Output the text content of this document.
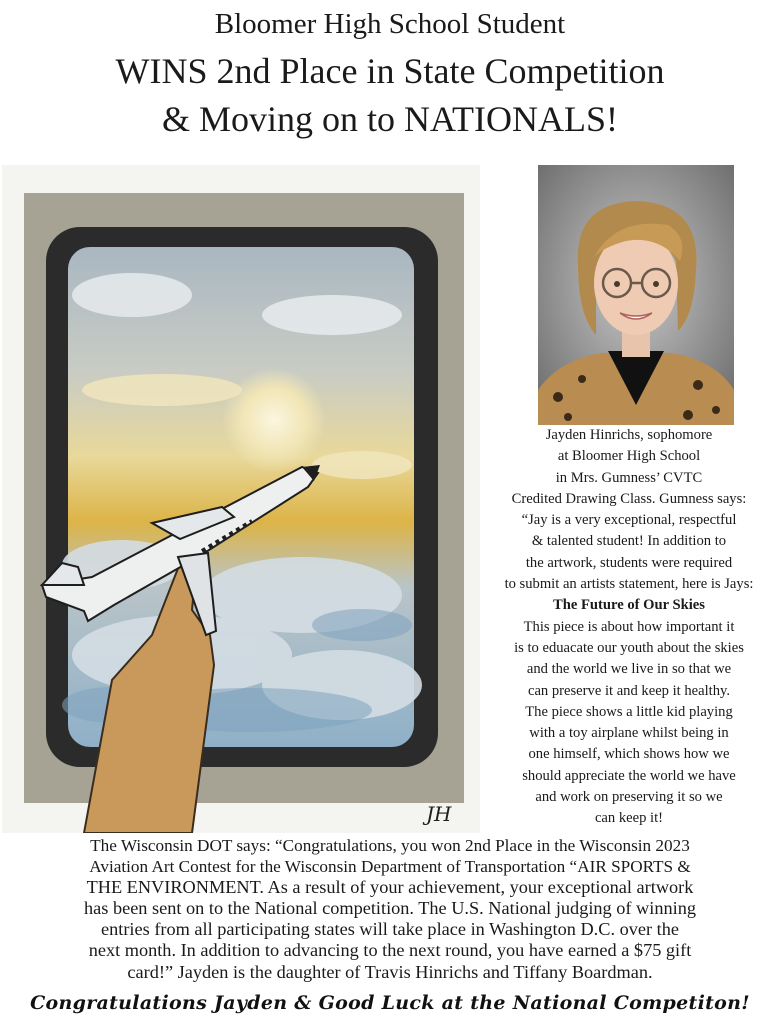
Bloomer High School Student
WINS 2nd Place in State Competition
& Moving on to NATIONALS!
JH
Jayden Hinrichs, sophomore
at Bloomer High School
in Mrs. Gumness’ CVTC
Credited Drawing Class. Gumness says:
“Jay is a very exceptional, respectful
& talented student! In addition to
the artwork, students were required
to submit an artists statement, here is Jays:
The Future of Our Skies
This piece is about how important it
is to eduacate our youth about the skies
and the world we live in so that we
can preserve it and keep it healthy.
The piece shows a little kid playing
with a toy airplane whilst being in
one himself, which shows how we
should appreciate the world we have
and work on preserving it so we
can keep it!
The Wisconsin DOT says: “Congratulations, you won 2nd Place in the Wisconsin 2023
Aviation Art Contest for the Wisconsin Department of Transportation “AIR SPORTS &
THE ENVIRONMENT. As a result of your achievement, your exceptional artwork
has been sent on to the National competition. The U.S. National judging of winning
entries from all participating states will take place in Washington D.C. over the
next month. In addition to advancing to the next round, you have earned a $75 gift
card!” Jayden is the daughter of Travis Hinrichs and Tiffany Boardman.
Congratulations Jayden & Good Luck at the National Competiton!
